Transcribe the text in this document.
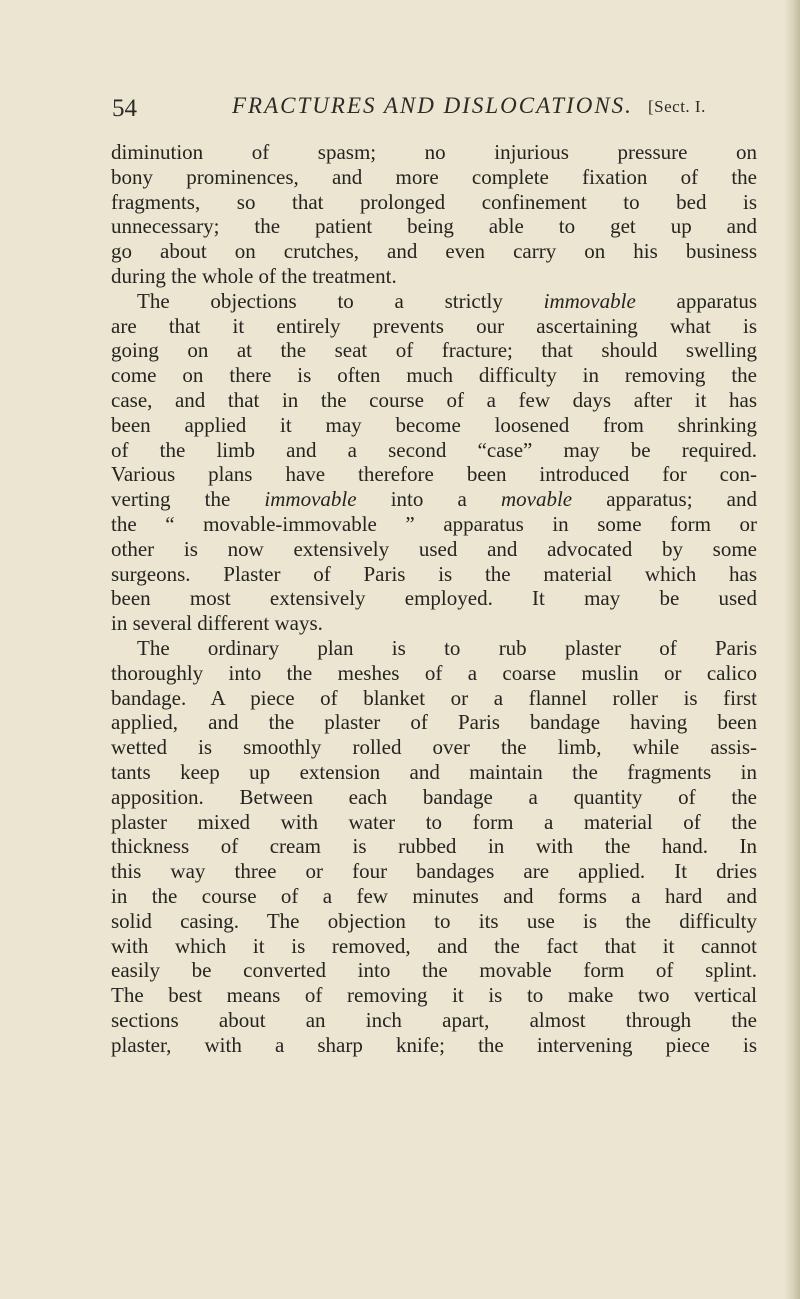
54	FRACTURES AND DISLOCATIONS. [Sect. I.
diminution of spasm; no injurious pressure on
bony prominences, and more complete fixation of the
fragments, so that prolonged confinement to bed is
unnecessary; the patient being able to get up and
go about on crutches, and even carry on his business
during the whole of the treatment.
The objections to a strictly immovable apparatus
are that it entirely prevents our ascertaining what is
going on at the seat of fracture; that should swelling
come on there is often much difficulty in removing the
case, and that in the course of a few days after it has
been applied it may become loosened from shrinking
of the limb and a second “case” may be required.
Various plans have therefore been introduced for con-
verting the immovable into a movable apparatus; and
the “ movable-immovable ” apparatus in some form or
other is now extensively used and advocated by some
surgeons. Plaster of Paris is the material which has
been most extensively employed. It may be used
in several different ways.
The ordinary plan is to rub plaster of Paris
thoroughly into the meshes of a coarse muslin or calico
bandage. A piece of blanket or a flannel roller is first
applied, and the plaster of Paris bandage having been
wetted is smoothly rolled over the limb, while assis-
tants keep up extension and maintain the fragments in
apposition. Between each bandage a quantity of the
plaster mixed with water to form a material of the
thickness of cream is rubbed in with the hand. In
this way three or four bandages are applied. It dries
in the course of a few minutes and forms a hard and
solid casing. The objection to its use is the difficulty
with which it is removed, and the fact that it cannot
easily be converted into the movable form of splint.
The best means of removing it is to make two vertical
sections about an inch apart, almost through the
plaster, with a sharp knife; the intervening piece is
